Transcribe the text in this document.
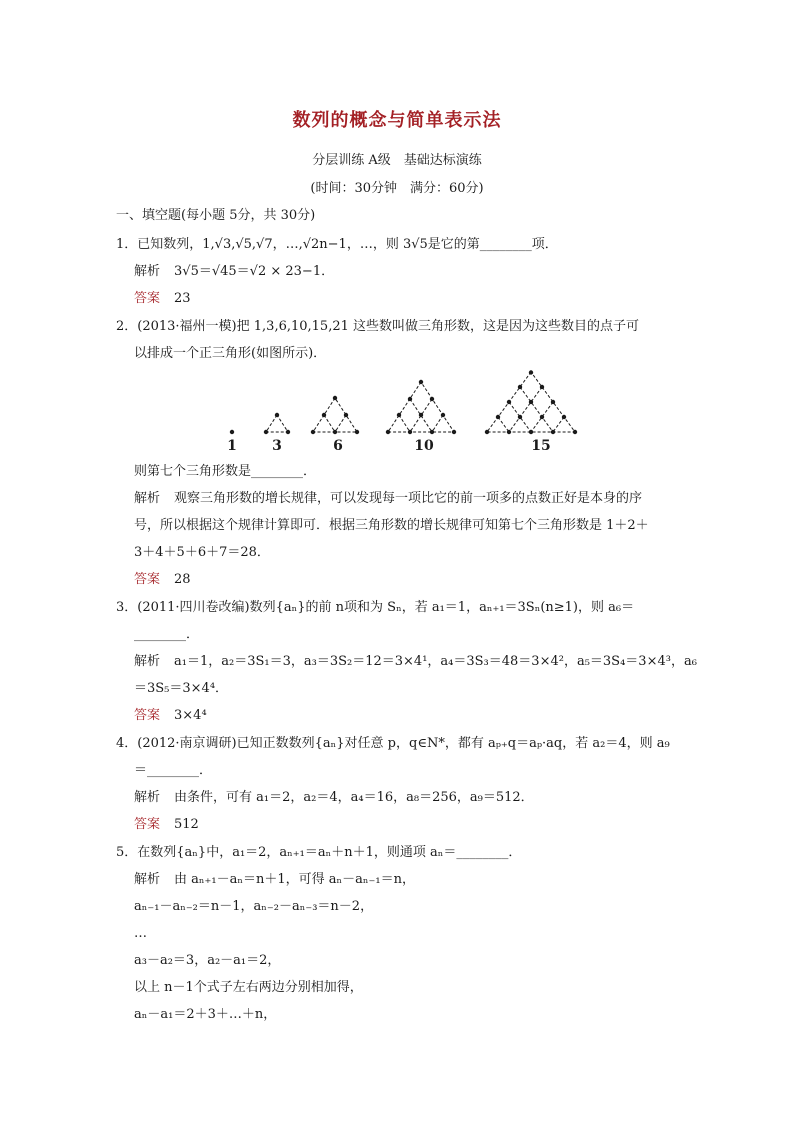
数列的概念与简单表示法
分层训练 A级　基础达标演练
(时间：30分钟　满分：60分)
一、填空题(每小题 5分，共 30分)
1．已知数列，1,√3,√5,√7，…,√2n−1，…，则 3√5是它的第________项．
解析 3√5＝√45＝√2 × 23−1．
答案 23
2．(2013·福州一模)把 1,3,6,10,15,21 这些数叫做三角形数，这是因为这些数目的点子可
以排成一个正三角形(如图所示)．
1	3	6	10	15
则第七个三角形数是________．
解析 观察三角形数的增长规律，可以发现每一项比它的前一项多的点数正好是本身的序
号，所以根据这个规律计算即可．根据三角形数的增长规律可知第七个三角形数是 1＋2＋
3＋4＋5＋6＋7＝28．
答案 28
3．(2011·四川卷改编)数列{aₙ}的前 n项和为 Sₙ，若 a₁＝1，aₙ₊₁＝3Sₙ(n≥1)，则 a₆＝
________．
解析 a₁＝1，a₂＝3S₁＝3，a₃＝3S₂＝12＝3×4¹，a₄＝3S₃＝48＝3×4²，a₅＝3S₄＝3×4³，a₆
＝3S₅＝3×4⁴．
答案 3×4⁴
4．(2012·南京调研)已知正数数列{aₙ}对任意 p，q∈N*，都有 aₚ₊q＝aₚ·aq，若 a₂＝4，则 a₉
＝________．
解析 由条件，可有 a₁＝2，a₂＝4，a₄＝16，a₈＝256，a₉＝512．
答案 512
5．在数列{aₙ}中，a₁＝2，aₙ₊₁＝aₙ＋n＋1，则通项 aₙ＝________．
解析 由 aₙ₊₁－aₙ＝n＋1，可得 aₙ－aₙ₋₁＝n，
aₙ₋₁－aₙ₋₂＝n－1，aₙ₋₂－aₙ₋₃＝n－2，
…
a₃－a₂＝3，a₂－a₁＝2，
以上 n－1个式子左右两边分别相加得，
aₙ－a₁＝2＋3＋…＋n，
